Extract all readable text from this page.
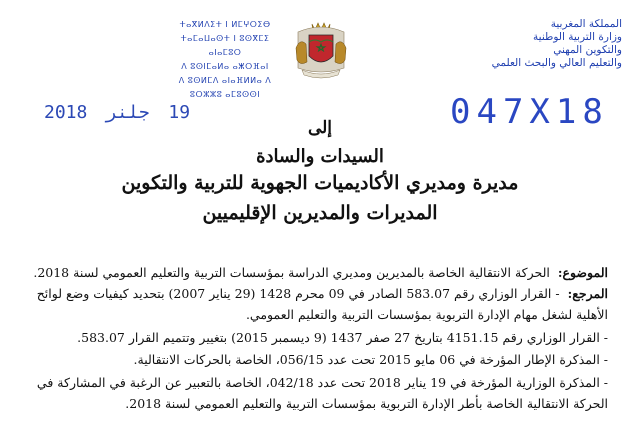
المملكة المغربية
وزارة التربية الوطنية
والتكوين المهني
والتعليم العالي والبحث العلمي
ⵜⴰⴳⵍⴷⵉⵜ ⵏ ⵍⵎⵖⵔⵉⴱ
ⵜⴰⵎⴰⵡⴰⵙⵜ ⵏ ⵓⵙⴳⵎⵉ ⴰⵏⴰⵎⵓⵔ
ⴷ ⵓⵙⵏⵎⴰⵍⴰ ⴰⵥⵔⴼⴰⵏ
ⴷ ⵓⵙⵍⵎⴷ ⴰⵏⴰⴼⵍⵍⴰ ⴷ ⵓⵔⵣⵣⵓ ⴰⵎⵓⵙⵙⵏ
2018 جلنر 19	047X18
إلى
السيدات والسادة
مديرة ومديري الأكاديميات الجهوية للتربية والتكوين
المديرات والمديرين الإقليميين
الموضوع: الحركة الانتقالية الخاصة بالمديرين ومديري الدراسة بمؤسسات التربية والتعليم العمومي لسنة 2018.
المرجع: - القرار الوزاري رقم 583.07 الصادر في 09 محرم 1428 (29 يناير 2007) بتحديد كيفيات وضع لوائح
الأهلية لشغل مهام الإدارة التربوية بمؤسسات التربية والتعليم العمومي.
- القرار الوزاري رقم 4151.15 بتاريخ 27 صفر 1437 (9 دیسمبر 2015) بتغيير وتتميم القرار 583.07.
- المذكرة الإطار المؤرخة في 06 مايو 2015 تحت عدد 056/15، الخاصة بالحركات الانتقالية.
- المذكرة الوزارية المؤرخة في 19 يناير 2018 تحت عدد 042/18، الخاصة بالتعبير عن الرغبة في المشاركة في
الحركة الانتقالية الخاصة بأطر الإدارة التربوية بمؤسسات التربية والتعليم العمومي لسنة 2018.
